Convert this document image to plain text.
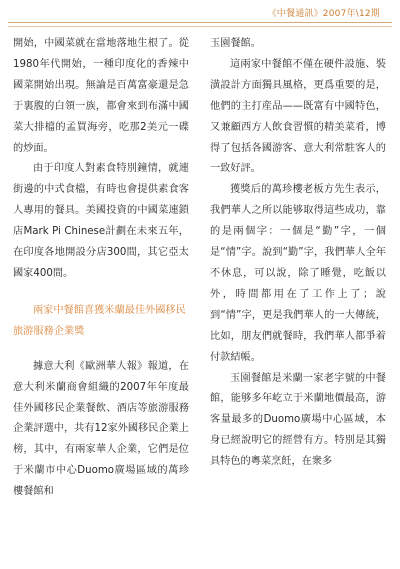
《中餐通訊》2007年\12期

開始，中國菜就在當地落地生根了。從1980年代開始，一種印度化的香辣中國菜開始出現。無論是百萬富豪還是急于裏腹的白領一族，都會來到布滿中國菜大排檔的孟買海旁，吃那2美元一碟的炒面。

由于印度人對素食特別鐘情，就連街邊的中式食檔，有時也會提供素食客人專用的餐具。美國投資的中國菜連鎖店Mark Pi Chinese計劃在未來五年，在印度各地開設分店300間，其它亞太國家400間。

兩家中餐館喜獲米蘭最佳外國移民旅游服務企業獎

據意大利《歐洲華人報》報道，在意大利米蘭商會組織的2007年年度最佳外國移民企業餐飲、酒店等旅游服務企業評選中，共有12家外國移民企業上榜，其中，有兩家華人企業，它們是位于米蘭市中心Duomo廣場區域的萬珍樓餐館和

玉園餐館。

這兩家中餐館不僅在硬件設施、裝潢設計方面獨具風格，更爲重要的是，他們的主打産品——既富有中國特色，又兼顧西方人飲食習慣的精美菜肴，博得了包括各國游客、意大利常駐客人的一致好評。

獲獎后的萬珍樓老板方先生表示，我們華人之所以能够取得這些成功，靠的是兩個字：一個是“勤”字，一個是“情”字。說到“勤”字，我們華人全年不休息，可以說，除了睡覺，吃飯以外，時間都用在了工作上了；說到“情”字，更是我們華人的一大傳統，比如，朋友們就餐時，我們華人都爭着付款結帳。

玉園餐館是米蘭一家老字號的中餐館，能够多年屹立于米蘭地價最高，游客量最多的Duomo廣場中心區域，本身已經說明它的經營有方。特別是其獨具特色的粵菜烹飪，在衆多
